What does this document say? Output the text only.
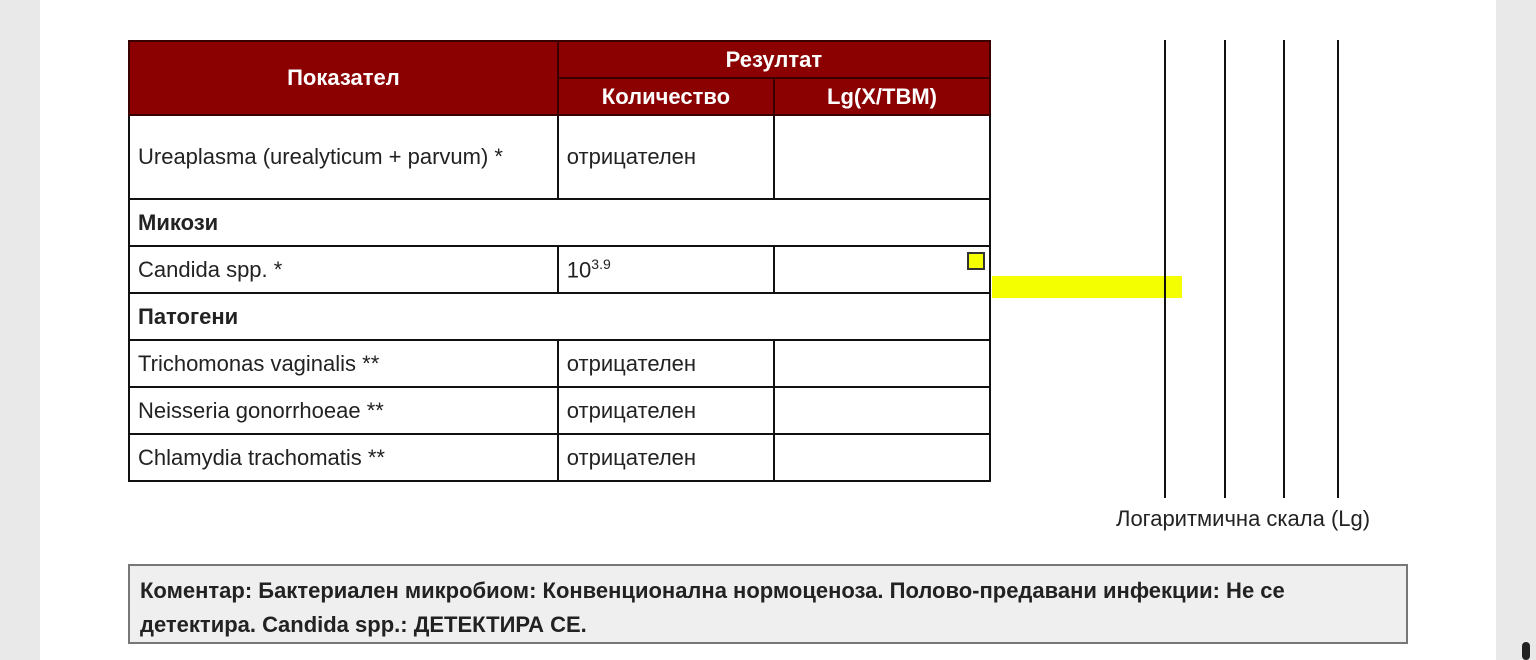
Показател	Резултат	
	Количество	Lg(X/TBM)
Ureaplasma (urealyticum + parvum) *	отрицателен	
Микози		
Candida spp. *	$10^{3.9}$	

Патогени		
Trichomonas vaginalis **	отрицателен	
Neisseria gonorrhoeae **	отрицателен	
Chlamydia trachomatis **	отрицателен	
Логаритмична скала (Lg)
Коментар: Бактериален микробиом: Конвенционална нормоценоза. Полово-предавани инфекции: Не се детектира. Candida spp.: ДЕТЕКТИРА СЕ.
